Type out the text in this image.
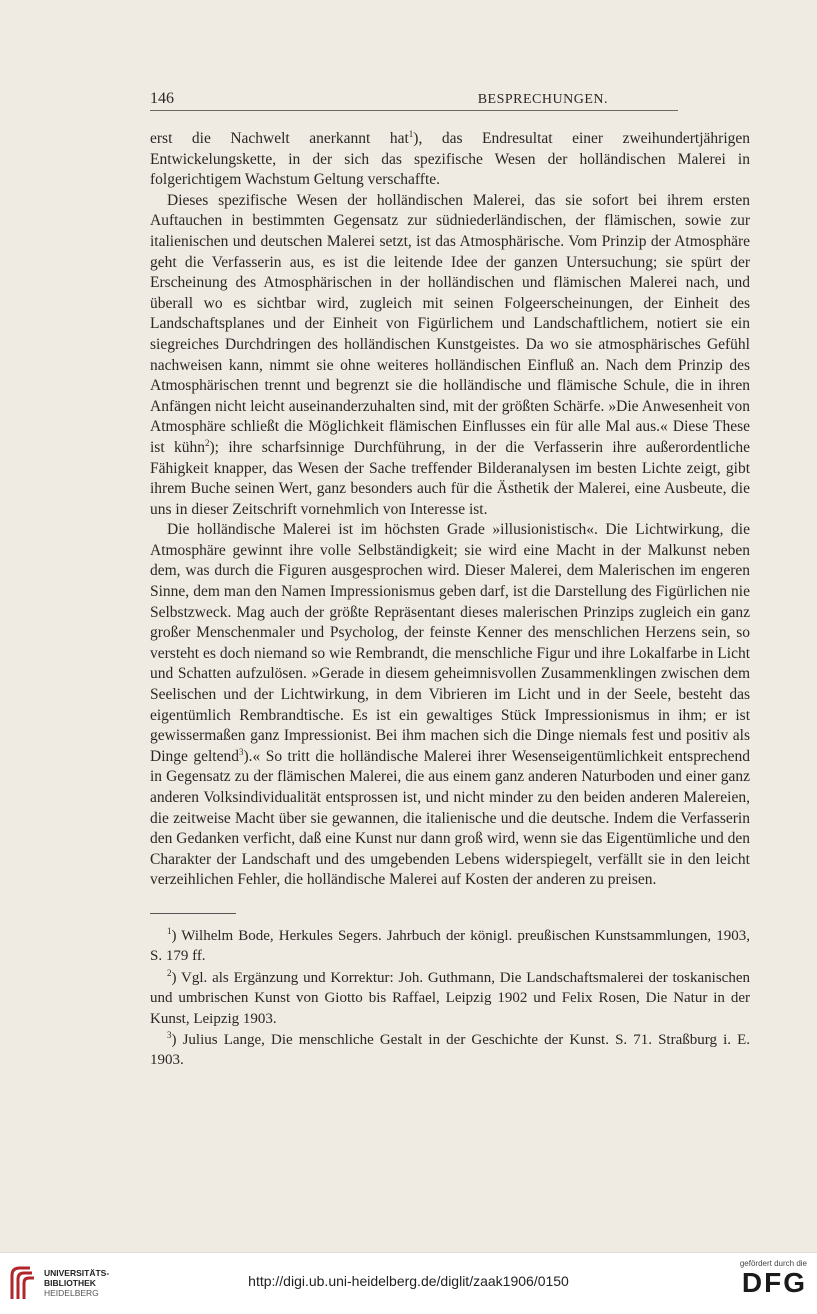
146	BESPRECHUNGEN.

erst die Nachwelt anerkannt hat$^1$), das Endresultat einer zweihundertjährigen Entwickelungskette, in der sich das spezifische Wesen der holländischen Malerei in folgerichtigem Wachstum Geltung verschaffte.

Dieses spezifische Wesen der holländischen Malerei, das sie sofort bei ihrem ersten Auftauchen in bestimmten Gegensatz zur südniederländischen, der flämischen, sowie zur italienischen und deutschen Malerei setzt, ist das Atmosphärische. Vom Prinzip der Atmosphäre geht die Verfasserin aus, es ist die leitende Idee der ganzen Untersuchung; sie spürt der Erscheinung des Atmosphärischen in der holländischen und flämischen Malerei nach, und überall wo es sichtbar wird, zugleich mit seinen Folgeerscheinungen, der Einheit des Landschaftsplanes und der Einheit von Figürlichem und Landschaftlichem, notiert sie ein siegreiches Durchdringen des holländischen Kunstgeistes. Da wo sie atmosphärisches Gefühl nachweisen kann, nimmt sie ohne weiteres holländischen Einfluß an. Nach dem Prinzip des Atmosphärischen trennt und begrenzt sie die holländische und flämische Schule, die in ihren Anfängen nicht leicht auseinanderzuhalten sind, mit der größten Schärfe. »Die Anwesenheit von Atmosphäre schließt die Möglichkeit flämischen Einflusses ein für alle Mal aus.« Diese These ist kühn$^2$); ihre scharfsinnige Durchführung, in der die Verfasserin ihre außerordentliche Fähigkeit knapper, das Wesen der Sache treffender Bilderanalysen im besten Lichte zeigt, gibt ihrem Buche seinen Wert, ganz besonders auch für die Ästhetik der Malerei, eine Ausbeute, die uns in dieser Zeitschrift vornehmlich von Interesse ist.

Die holländische Malerei ist im höchsten Grade »illusionistisch«. Die Lichtwirkung, die Atmosphäre gewinnt ihre volle Selbständigkeit; sie wird eine Macht in der Malkunst neben dem, was durch die Figuren ausgesprochen wird. Dieser Malerei, dem Malerischen im engeren Sinne, dem man den Namen Impressionismus geben darf, ist die Darstellung des Figürlichen nie Selbstzweck. Mag auch der größte Repräsentant dieses malerischen Prinzips zugleich ein ganz großer Menschenmaler und Psycholog, der feinste Kenner des menschlichen Herzens sein, so versteht es doch niemand so wie Rembrandt, die menschliche Figur und ihre Lokalfarbe in Licht und Schatten aufzulösen. »Gerade in diesem geheimnisvollen Zusammenklingen zwischen dem Seelischen und der Lichtwirkung, in dem Vibrieren im Licht und in der Seele, besteht das eigentümlich Rembrandtische. Es ist ein gewaltiges Stück Impressionismus in ihm; er ist gewissermaßen ganz Impressionist. Bei ihm machen sich die Dinge niemals fest und positiv als Dinge geltend$^3$).« So tritt die holländische Malerei ihrer Wesenseigentümlichkeit entsprechend in Gegensatz zu der flämischen Malerei, die aus einem ganz anderen Naturboden und einer ganz anderen Volksindividualität entsprossen ist, und nicht minder zu den beiden anderen Malereien, die zeitweise Macht über sie gewannen, die italienische und die deutsche. Indem die Verfasserin den Gedanken verficht, daß eine Kunst nur dann groß wird, wenn sie das Eigentümliche und den Charakter der Landschaft und des umgebenden Lebens widerspiegelt, verfällt sie in den leicht verzeihlichen Fehler, die holländische Malerei auf Kosten der anderen zu preisen.

$^1$) Wilhelm Bode, Herkules Segers. Jahrbuch der königl. preußischen Kunstsammlungen, 1903, S. 179 ff.

$^2$) Vgl. als Ergänzung und Korrektur: Joh. Guthmann, Die Landschaftsmalerei der toskanischen und umbrischen Kunst von Giotto bis Raffael, Leipzig 1902 und Felix Rosen, Die Natur in der Kunst, Leipzig 1903.

$^3$) Julius Lange, Die menschliche Gestalt in der Geschichte der Kunst. S. 71. Straßburg i. E. 1903.

UNIVERSITÄTS-
BIBLIOTHEK
HEIDELBERG
http://digi.ub.uni-heidelberg.de/diglit/zaak1906/0150
gefördert durch die
DFG
